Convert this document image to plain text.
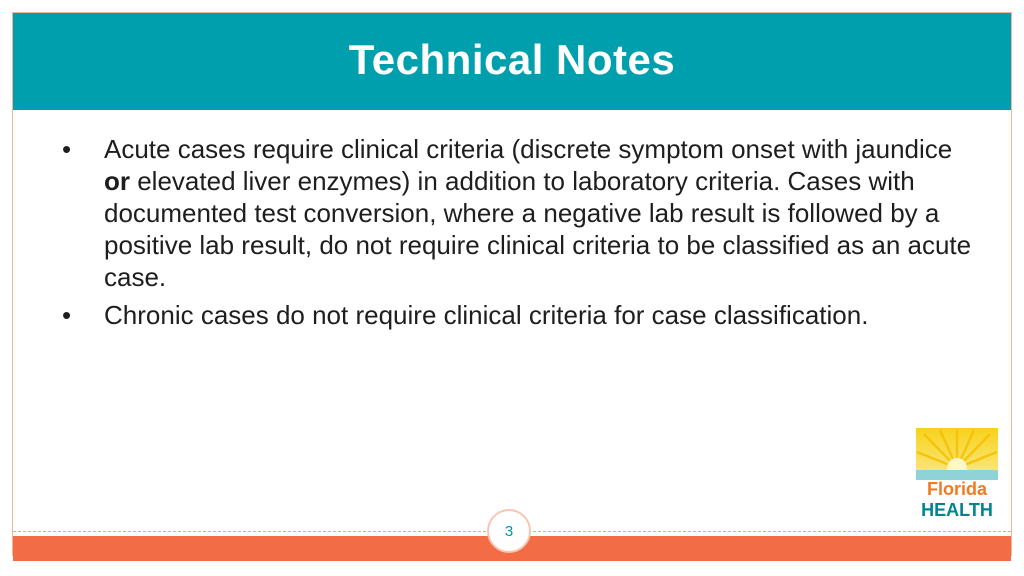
Technical Notes
• Acute cases require clinical criteria (discrete symptom onset with jaundice or elevated liver enzymes) in addition to laboratory criteria. Cases with documented test conversion, where a negative lab result is followed by a positive lab result, do not require clinical criteria to be classified as an acute case.
• Chronic cases do not require clinical criteria for case classification.
Florida
HEALTH
3
